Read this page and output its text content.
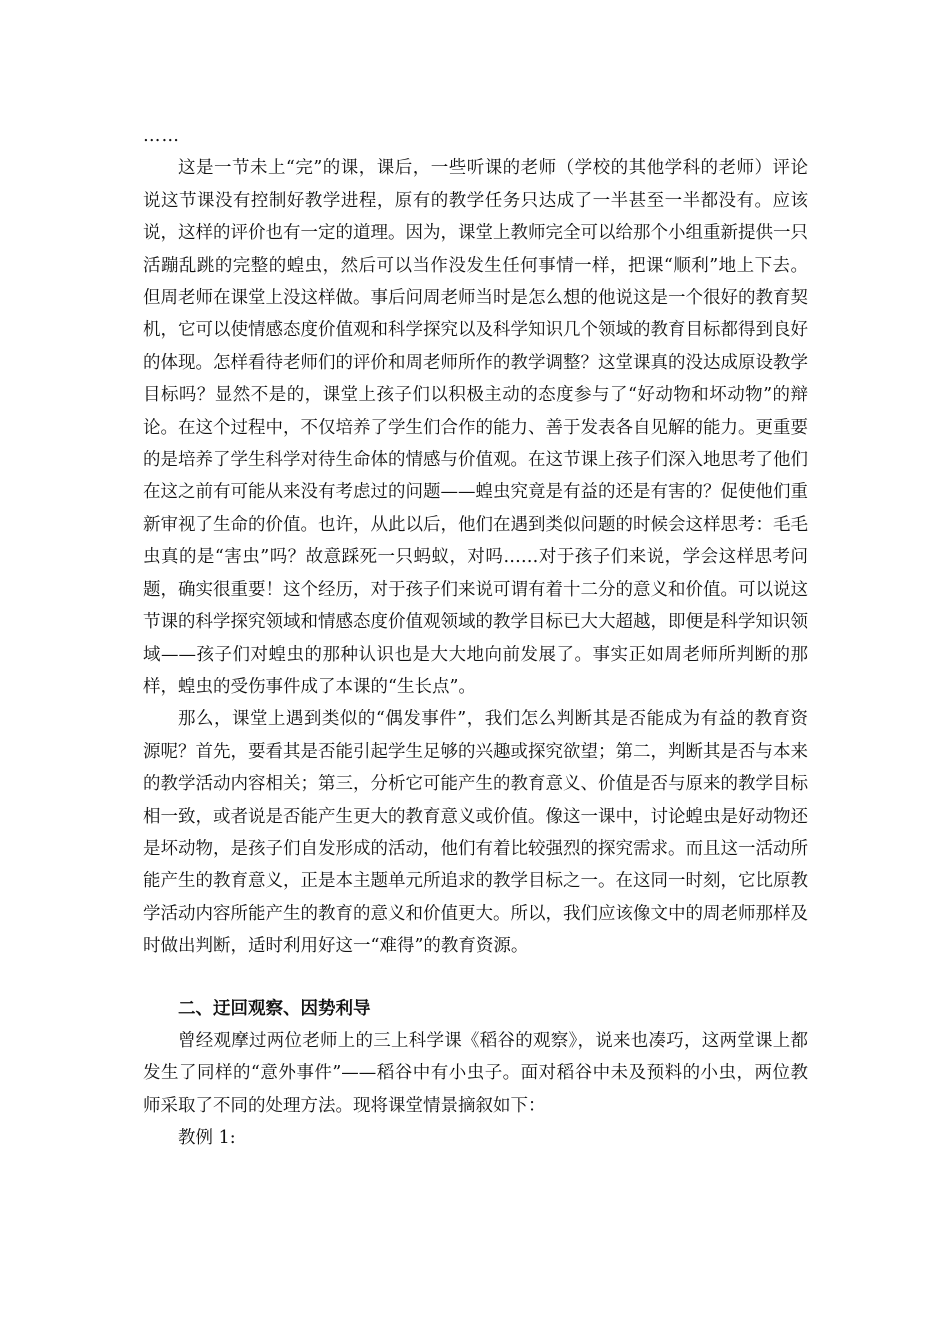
……

这是一节未上“完”的课，课后，一些听课的老师（学校的其他学科的老师）评论说这节课没有控制好教学进程，原有的教学任务只达成了一半甚至一半都没有。应该说，这样的评价也有一定的道理。因为，课堂上教师完全可以给那个小组重新提供一只活蹦乱跳的完整的蝗虫，然后可以当作没发生任何事情一样，把课“顺利”地上下去。但周老师在课堂上没这样做。事后问周老师当时是怎么想的他说这是一个很好的教育契机，它可以使情感态度价值观和科学探究以及科学知识几个领域的教育目标都得到良好的体现。怎样看待老师们的评价和周老师所作的教学调整？这堂课真的没达成原设教学目标吗？显然不是的，课堂上孩子们以积极主动的态度参与了“好动物和坏动物”的辩论。在这个过程中，不仅培养了学生们合作的能力、善于发表各自见解的能力。更重要的是培养了学生科学对待生命体的情感与价值观。在这节课上孩子们深入地思考了他们在这之前有可能从来没有考虑过的问题——蝗虫究竟是有益的还是有害的？促使他们重新审视了生命的价值。也许，从此以后，他们在遇到类似问题的时候会这样思考：毛毛虫真的是“害虫”吗？故意踩死一只蚂蚁，对吗……对于孩子们来说，学会这样思考问题，确实很重要！这个经历，对于孩子们来说可谓有着十二分的意义和价值。可以说这节课的科学探究领域和情感态度价值观领域的教学目标已大大超越，即便是科学知识领域——孩子们对蝗虫的那种认识也是大大地向前发展了。事实正如周老师所判断的那样，蝗虫的受伤事件成了本课的“生长点”。

那么，课堂上遇到类似的“偶发事件”，我们怎么判断其是否能成为有益的教育资源呢？首先，要看其是否能引起学生足够的兴趣或探究欲望；第二，判断其是否与本来的教学活动内容相关；第三，分析它可能产生的教育意义、价值是否与原来的教学目标相一致，或者说是否能产生更大的教育意义或价值。像这一课中，讨论蝗虫是好动物还是坏动物，是孩子们自发形成的活动，他们有着比较强烈的探究需求。而且这一活动所能产生的教育意义，正是本主题单元所追求的教学目标之一。在这同一时刻，它比原教学活动内容所能产生的教育的意义和价值更大。所以，我们应该像文中的周老师那样及时做出判断，适时利用好这一“难得”的教育资源。

二、迂回观察、因势利导

曾经观摩过两位老师上的三上科学课《稻谷的观察》，说来也凑巧，这两堂课上都发生了同样的“意外事件”——稻谷中有小虫子。面对稻谷中未及预料的小虫，两位教师采取了不同的处理方法。现将课堂情景摘叙如下：

教例 1:
